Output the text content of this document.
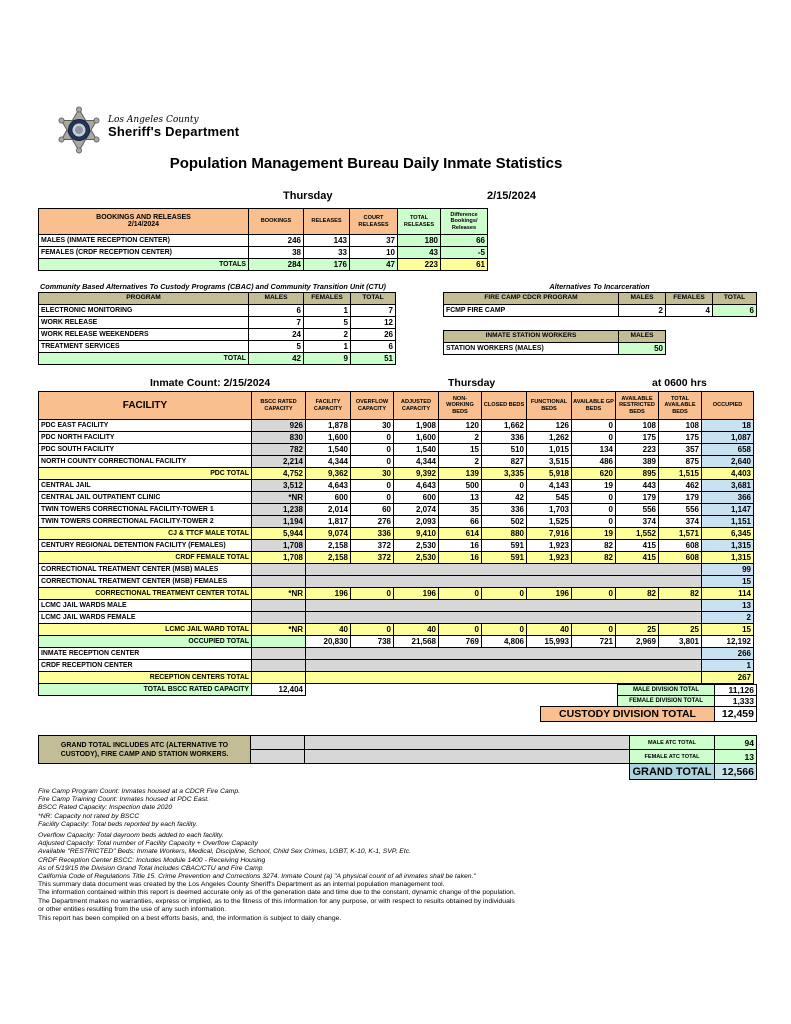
Los Angeles County
Sheriff's Department
Population Management Bureau Daily Inmate Statistics
Thursday	2/15/2024
BOOKINGS AND RELEASES
2/14/2024	BOOKINGS	RELEASES	COURT RELEASES	TOTAL RELEASES	Difference Bookings/ Releases
MALES (INMATE RECEPTION CENTER)	246	143	37	180	66
FEMALES (CRDF RECEPTION CENTER)	38	33	10	43	-5
TOTALS	284	176	47	223	61
Community Based Alternatives To Custody Programs (CBAC) and Community Transition Unit (CTU)
PROGRAM	MALES	FEMALES	TOTAL
ELECTRONIC MONITORING	6	1	7
WORK RELEASE	7	5	12
WORK RELEASE WEEKENDERS	24	2	26
TREATMENT SERVICES	5	1	6
TOTAL	42	9	51
Alternatives To Incarceration
FIRE CAMP CDCR PROGRAM	MALES	FEMALES	TOTAL
FCMP FIRE CAMP	2	4	6
INMATE STATION WORKERS	MALES
STATION WORKERS (MALES)	50
Inmate Count: 2/15/2024	Thursday	at 0600 hrs
FACILITY	BSCC RATED CAPACITY	FACILITY CAPACITY	OVERFLOW CAPACITY	ADJUSTED CAPACITY	NON-WORKING BEDS	CLOSED BEDS	FUNCTIONAL BEDS	AVAILABLE GP BEDS	AVAILABLE RESTRICTED BEDS	TOTAL AVAILABLE BEDS	OCCUPIED
PDC EAST FACILITY	926	1,878	30	1,908	120	1,662	126	0	108	108	18
PDC NORTH FACILITY	830	1,600	0	1,600	2	336	1,262	0	175	175	1,087
PDC SOUTH FACILITY	782	1,540	0	1,540	15	510	1,015	134	223	357	658
NORTH COUNTY CORRECTIONAL FACILITY	2,214	4,344	0	4,344	2	827	3,515	486	389	875	2,640
PDC TOTAL	4,752	9,362	30	9,392	139	3,335	5,918	620	895	1,515	4,403
CENTRAL JAIL	3,512	4,643	0	4,643	500	0	4,143	19	443	462	3,681
CENTRAL JAIL OUTPATIENT CLINIC	*NR	600	0	600	13	42	545	0	179	179	366
TWIN TOWERS CORRECTIONAL FACILITY-TOWER 1	1,238	2,014	60	2,074	35	336	1,703	0	556	556	1,147
TWIN TOWERS CORRECTIONAL FACILITY-TOWER 2	1,194	1,817	276	2,093	66	502	1,525	0	374	374	1,151
CJ & TTCF MALE TOTAL	5,944	9,074	336	9,410	614	880	7,916	19	1,552	1,571	6,345
CENTURY REGIONAL DETENTION FACILITY (FEMALES)	1,708	2,158	372	2,530	16	591	1,923	82	415	608	1,315
CRDF FEMALE TOTAL	1,708	2,158	372	2,530	16	591	1,923	82	415	608	1,315
CORRECTIONAL TREATMENT CENTER (MSB) MALES											99
CORRECTIONAL TREATMENT CENTER (MSB) FEMALES											15
CORRECTIONAL TREATMENT CENTER TOTAL	*NR	196	0	196	0	0	196	0	82	82	114
LCMC JAIL WARDS MALE											13
LCMC JAIL WARDS FEMALE											2
LCMC JAIL WARD TOTAL	*NR	40	0	40	0	0	40	0	25	25	15
OCCUPIED TOTAL		20,830	738	21,568	769	4,806	15,993	721	2,969	3,801	12,192
INMATE RECEPTION CENTER											266
CRDF RECEPTION CENTER											1
RECEPTION CENTERS TOTAL											267
TOTAL BSCC RATED CAPACITY	12,404											MALE DIVISION TOTAL	11,126
FEMALE DIVISION TOTAL	1,333
CUSTODY DIVISION TOTAL	12,459
GRAND TOTAL INCLUDES ATC (ALTERNATIVE TO
CUSTODY), FIRE CAMP AND STATION WORKERS.
MALE ATC TOTAL	94
FEMALE ATC TOTAL	13
GRAND TOTAL 12,566
Fire Camp Program Count: Inmates housed at a CDCR Fire Camp.
Fire Camp Training Count: Inmates housed at PDC East.
BSCC Rated Capacity: Inspection date 2020
*NR: Capacity not rated by BSCC
Facility Capacity: Total beds reported by each facility.
Overflow Capacity: Total dayroom beds added to each facility.
Adjusted Capacity: Total number of Facility Capacity + Overflow Capacity
Available "RESTRICTED" Beds: Inmate Workers, Medical, Discipline, School, Child Sex Crimes, LGBT, K-10, K-1, SVP, Etc.
CRDF Reception Center BSCC: Includes Module 1400 - Receiving Housing
As of 5/19/15 the Division Grand Total includes CBAC/CTU and Fire Camp
California Code of Regulations Title 15. Crime Prevention and Corrections 3274. Inmate Count (a) "A physical count of all inmates shall be taken."
This summary data document was created by the Los Angeles County Sheriff's Department as an internal population management tool.
The information contained within this report is deemed accurate only as of the generation date and time due to the constant, dynamic change of the population.
The Department makes no warranties, express or implied, as to the fitness of this information for any purpose, or with respect to results obtained by individuals
or other entities resulting from the use of any such information.
This report has been compiled on a best efforts basis, and, the information is subject to daily change.
